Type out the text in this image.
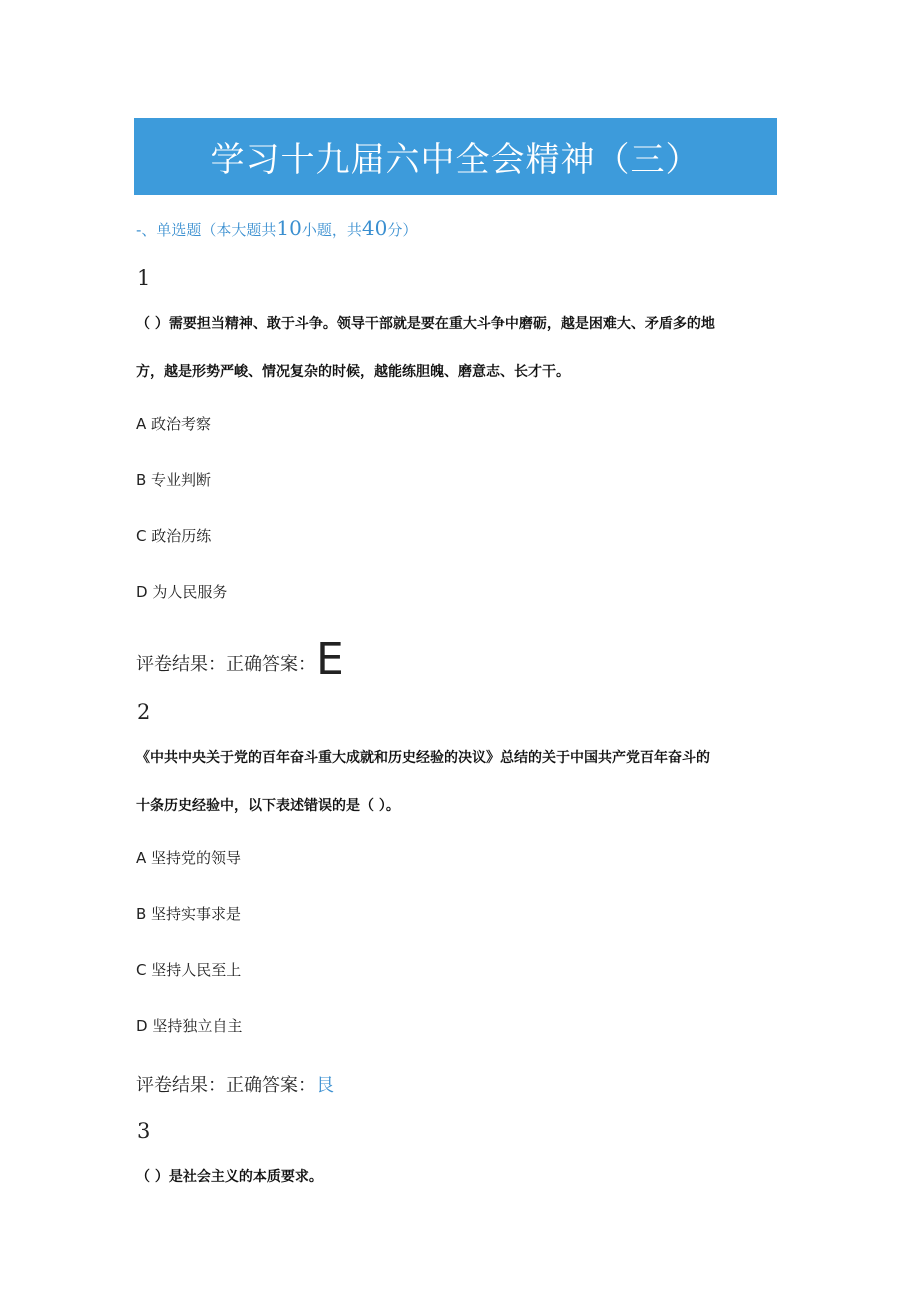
学习十九届六中全会精神（三）
-、单选题（本大题共10小题，共40分）
1
（ ）需要担当精神、敢于斗争。领导干部就是要在重大斗争中磨砺，越是困难大、矛盾多的地
方，越是形势严峻、情况复杂的时候，越能练胆魄、磨意志、长才干。
A 政治考察
B 专业判断
C 政治历练
D 为人民服务
评卷结果：正确答案：E
2
《中共中央关于党的百年奋斗重大成就和历史经验的决议》总结的关于中国共产党百年奋斗的
十条历史经验中，以下表述错误的是（ ）。
A 坚持党的领导
B 坚持实事求是
C 坚持人民至上
D 坚持独立自主
评卷结果：正确答案：艮
3
（ ）是社会主义的本质要求。
